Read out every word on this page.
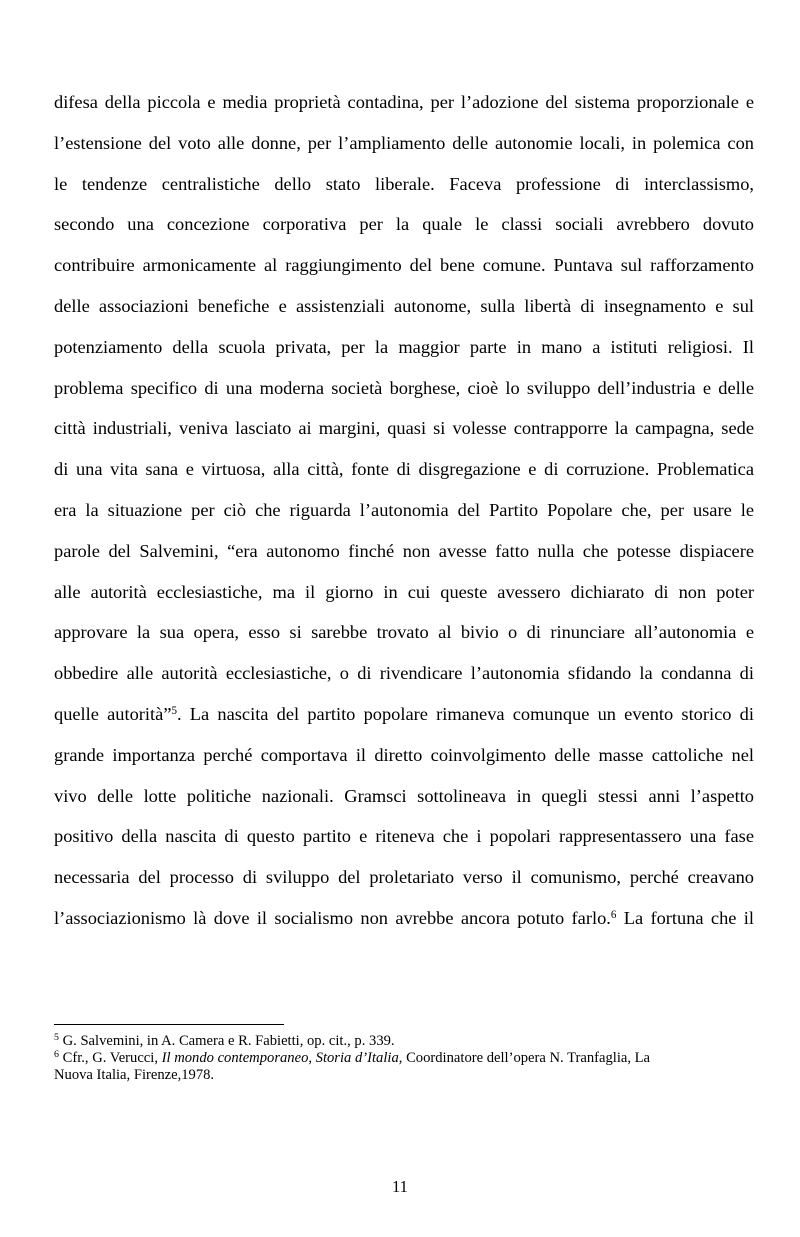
difesa della piccola e media proprietà contadina, per l’adozione del sistema proporzionale e
l’estensione del voto alle donne, per l’ampliamento delle autonomie locali, in polemica con
le tendenze centralistiche dello stato liberale. Faceva professione di interclassismo,
secondo una concezione corporativa per la quale le classi sociali avrebbero dovuto
contribuire armonicamente al raggiungimento del bene comune. Puntava sul rafforzamento
delle associazioni benefiche e assistenziali autonome, sulla libertà di insegnamento e sul
potenziamento della scuola privata, per la maggior parte in mano a istituti religiosi. Il
problema specifico di una moderna società borghese, cioè lo sviluppo dell’industria e delle
città industriali, veniva lasciato ai margini, quasi si volesse contrapporre la campagna, sede
di una vita sana e virtuosa, alla città, fonte di disgregazione e di corruzione. Problematica
era la situazione per ciò che riguarda l’autonomia del Partito Popolare che, per usare le
parole del Salvemini, “era autonomo finché non avesse fatto nulla che potesse dispiacere
alle autorità ecclesiastiche, ma il giorno in cui queste avessero dichiarato di non poter
approvare la sua opera, esso si sarebbe trovato al bivio o di rinunciare all’autonomia e
obbedire alle autorità ecclesiastiche, o di rivendicare l’autonomia sfidando la condanna di
quelle autorità”$^5$. La nascita del partito popolare rimaneva comunque un evento storico di
grande importanza perché comportava il diretto coinvolgimento delle masse cattoliche nel
vivo delle lotte politiche nazionali. Gramsci sottolineava in quegli stessi anni l’aspetto
positivo della nascita di questo partito e riteneva che i popolari rappresentassero una fase
necessaria del processo di sviluppo del proletariato verso il comunismo, perché creavano
l’associazionismo là dove il socialismo non avrebbe ancora potuto farlo.$^6$ La fortuna che il
$^5$ G. Salvemini, in A. Camera e R. Fabietti, op. cit., p. 339.
$^6$ Cfr., G. Verucci, Il mondo contemporaneo, Storia d’Italia, Coordinatore dell’opera N. Tranfaglia, La
Nuova Italia, Firenze,1978.
11
